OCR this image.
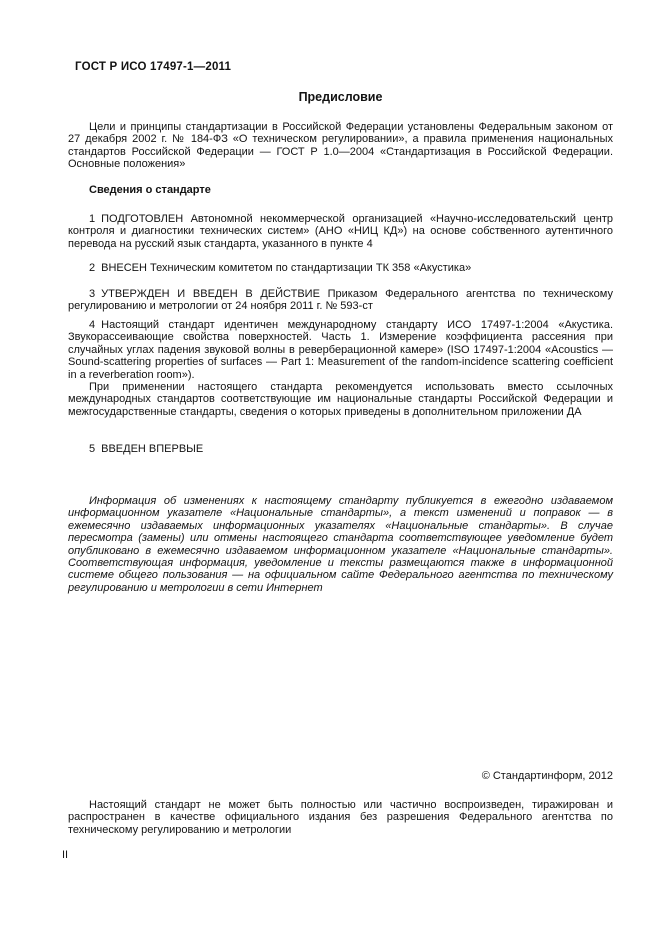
ГОСТ Р ИСО 17497-1—2011
Предисловие

Цели и принципы стандартизации в Российской Федерации установлены Федеральным законом от 27 декабря 2002 г. № 184-ФЗ «О техническом регулировании», а правила применения национальных стандартов Российской Федерации — ГОСТ Р 1.0—2004 «Стандартизация в Российской Федерации. Основные положения»

Сведения о стандарте

1 ПОДГОТОВЛЕН Автономной некоммерческой организацией «Научно-исследовательский центр контроля и диагностики технических систем» (АНО «НИЦ КД») на основе собственного аутентичного перевода на русский язык стандарта, указанного в пункте 4

2 ВНЕСЕН Техническим комитетом по стандартизации ТК 358 «Акустика»

3 УТВЕРЖДЕН И ВВЕДЕН В ДЕЙСТВИЕ Приказом Федерального агентства по техническому регулированию и метрологии от 24 ноября 2011 г. № 593-ст

4 Настоящий стандарт идентичен международному стандарту ИСО 17497-1:2004 «Акустика. Звукорассеивающие свойства поверхностей. Часть 1. Измерение коэффициента рассеяния при случайных углах падения звуковой волны в реверберационной камере» (ISO 17497-1:2004 «Acoustics — Sound-scattering properties of surfaces — Part 1: Measurement of the random-incidence scattering coefficient in a reverberation room»).

При применении настоящего стандарта рекомендуется использовать вместо ссылочных международных стандартов соответствующие им национальные стандарты Российской Федерации и межгосударственные стандарты, сведения о которых приведены в дополнительном приложении ДА

5 ВВЕДЕН ВПЕРВЫЕ

Информация об изменениях к настоящему стандарту публикуется в ежегодно издаваемом информационном указателе «Национальные стандарты», а текст изменений и поправок — в ежемесячно издаваемых информационных указателях «Национальные стандарты». В случае пересмотра (замены) или отмены настоящего стандарта соответствующее уведомление будет опубликовано в ежемесячно издаваемом информационном указателе «Национальные стандарты». Соответствующая информация, уведомление и тексты размещаются также в информационной системе общего пользования — на официальном сайте Федерального агентства по техническому регулированию и метрологии в сети Интернет

© Стандартинформ, 2012

Настоящий стандарт не может быть полностью или частично воспроизведен, тиражирован и распространен в качестве официального издания без разрешения Федерального агентства по техническому регулированию и метрологии

II
